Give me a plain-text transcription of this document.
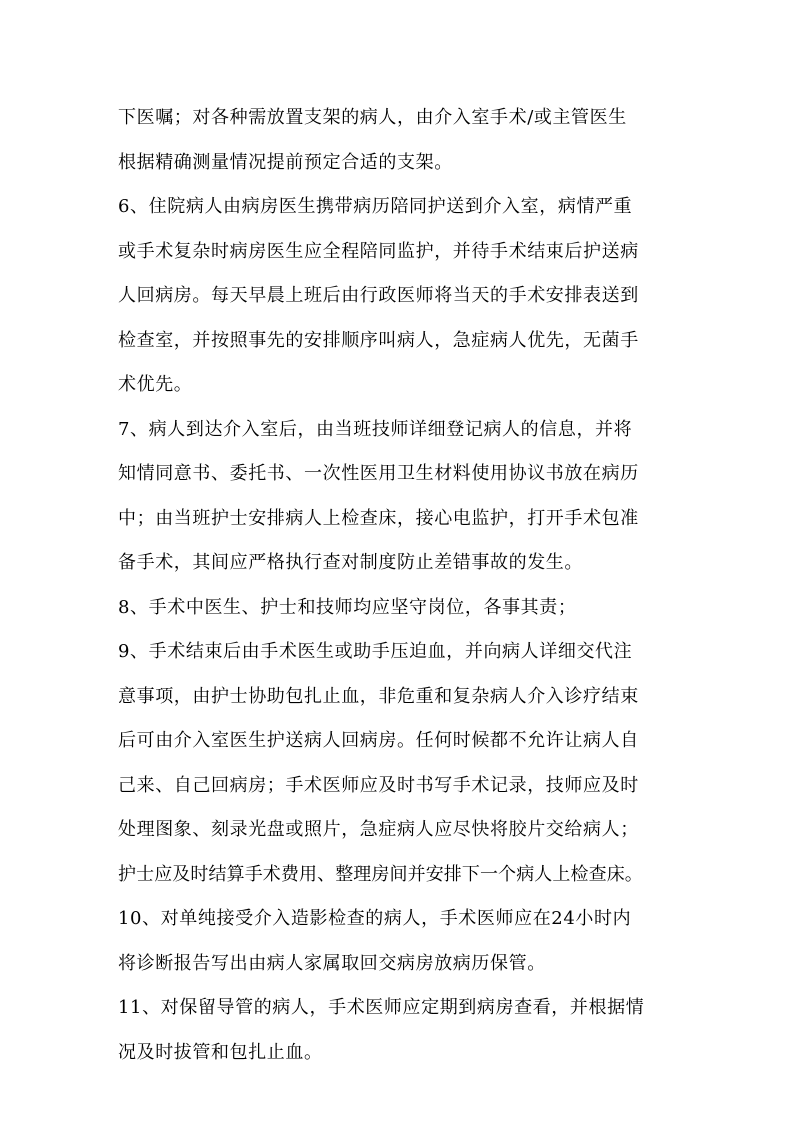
下医嘱；对各种需放置支架的病人，由介入室手术/或主管医生
根据精确测量情况提前预定合适的支架。
6、住院病人由病房医生携带病历陪同护送到介入室，病情严重
或手术复杂时病房医生应全程陪同监护，并待手术结束后护送病
人回病房。每天早晨上班后由行政医师将当天的手术安排表送到
检查室，并按照事先的安排顺序叫病人，急症病人优先，无菌手
术优先。
7、病人到达介入室后，由当班技师详细登记病人的信息，并将
知情同意书、委托书、一次性医用卫生材料使用协议书放在病历
中；由当班护士安排病人上检查床，接心电监护，打开手术包准
备手术，其间应严格执行查对制度防止差错事故的发生。
8、手术中医生、护士和技师均应坚守岗位，各事其责；
9、手术结束后由手术医生或助手压迫血，并向病人详细交代注
意事项，由护士协助包扎止血，非危重和复杂病人介入诊疗结束
后可由介入室医生护送病人回病房。任何时候都不允许让病人自
己来、自己回病房；手术医师应及时书写手术记录，技师应及时
处理图象、刻录光盘或照片，急症病人应尽快将胶片交给病人；
护士应及时结算手术费用、整理房间并安排下一个病人上检查床。
10、对单纯接受介入造影检查的病人，手术医师应在24小时内
将诊断报告写出由病人家属取回交病房放病历保管。
11、对保留导管的病人，手术医师应定期到病房查看，并根据情
况及时拔管和包扎止血。
